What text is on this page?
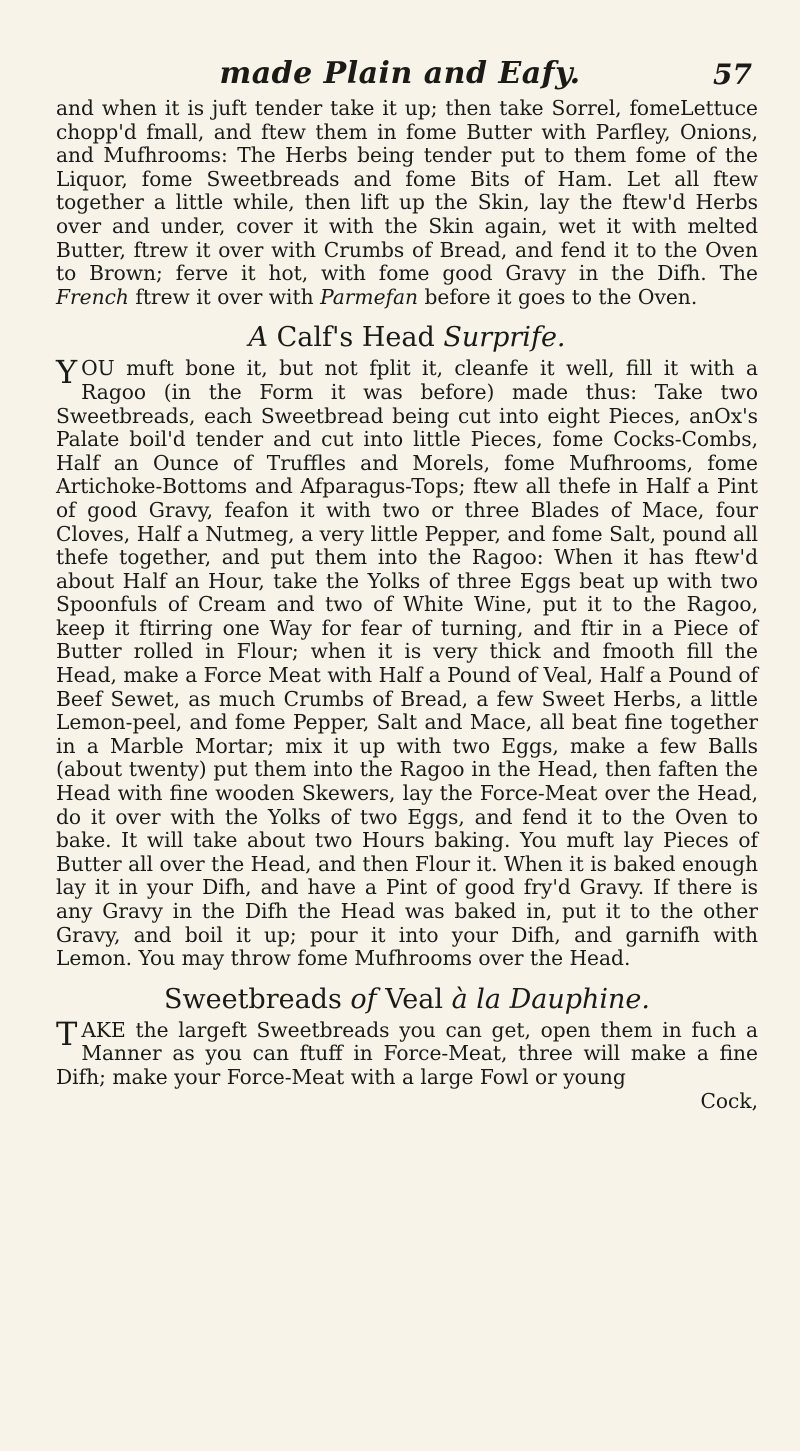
made Plain and Eafy.	57

and when it is juft tender take it up; then take Sorrel, fomeLettuce chopp'd fmall, and ftew them in fome Butter with Parfley, Onions, and Mufhrooms: The Herbs being tender put to them fome of the Liquor, fome Sweetbreads and fome Bits of Ham. Let all ftew together a little while, then lift up the Skin, lay the ftew'd Herbs over and under, cover it with the Skin again, wet it with melted Butter, ftrew it over with Crumbs of Bread, and fend it to the Oven to Brown; ferve it hot, with fome good Gravy in the Difh. The French ftrew it over with Parmefan before it goes to the Oven.

A Calf's Head Surprife.

YOU muft bone it, but not fplit it, cleanfe it well, fill it with a Ragoo (in the Form it was before) made thus: Take two Sweetbreads, each Sweetbread being cut into eight Pieces, anOx's Palate boil'd tender and cut into little Pieces, fome Cocks-Combs, Half an Ounce of Truffles and Morels, fome Mufhrooms, fome Artichoke-Bottoms and Afparagus-Tops; ftew all thefe in Half a Pint of good Gravy, feafon it with two or three Blades of Mace, four Cloves, Half a Nutmeg, a very little Pepper, and fome Salt, pound all thefe together, and put them into the Ragoo: When it has ftew'd about Half an Hour, take the Yolks of three Eggs beat up with two Spoonfuls of Cream and two of White Wine, put it to the Ragoo, keep it ftirring one Way for fear of turning, and ftir in a Piece of Butter rolled in Flour; when it is very thick and fmooth fill the Head, make a Force Meat with Half a Pound of Veal, Half a Pound of Beef Sewet, as much Crumbs of Bread, a few Sweet Herbs, a little Lemon-peel, and fome Pepper, Salt and Mace, all beat fine together in a Marble Mortar; mix it up with two Eggs, make a few Balls (about twenty) put them into the Ragoo in the Head, then faften the Head with fine wooden Skewers, lay the Force-Meat over the Head, do it over with the Yolks of two Eggs, and fend it to the Oven to bake. It will take about two Hours baking. You muft lay Pieces of Butter all over the Head, and then Flour it. When it is baked enough lay it in your Difh, and have a Pint of good fry'd Gravy. If there is any Gravy in the Difh the Head was baked in, put it to the other Gravy, and boil it up; pour it into your Difh, and garnifh with Lemon. You may throw fome Mufhrooms over the Head.

Sweetbreads of Veal à la Dauphine.

TAKE the largeft Sweetbreads you can get, open them in fuch a Manner as you can ftuff in Force-Meat, three will make a fine Difh; make your Force-Meat with a large Fowl or young

Cock,
